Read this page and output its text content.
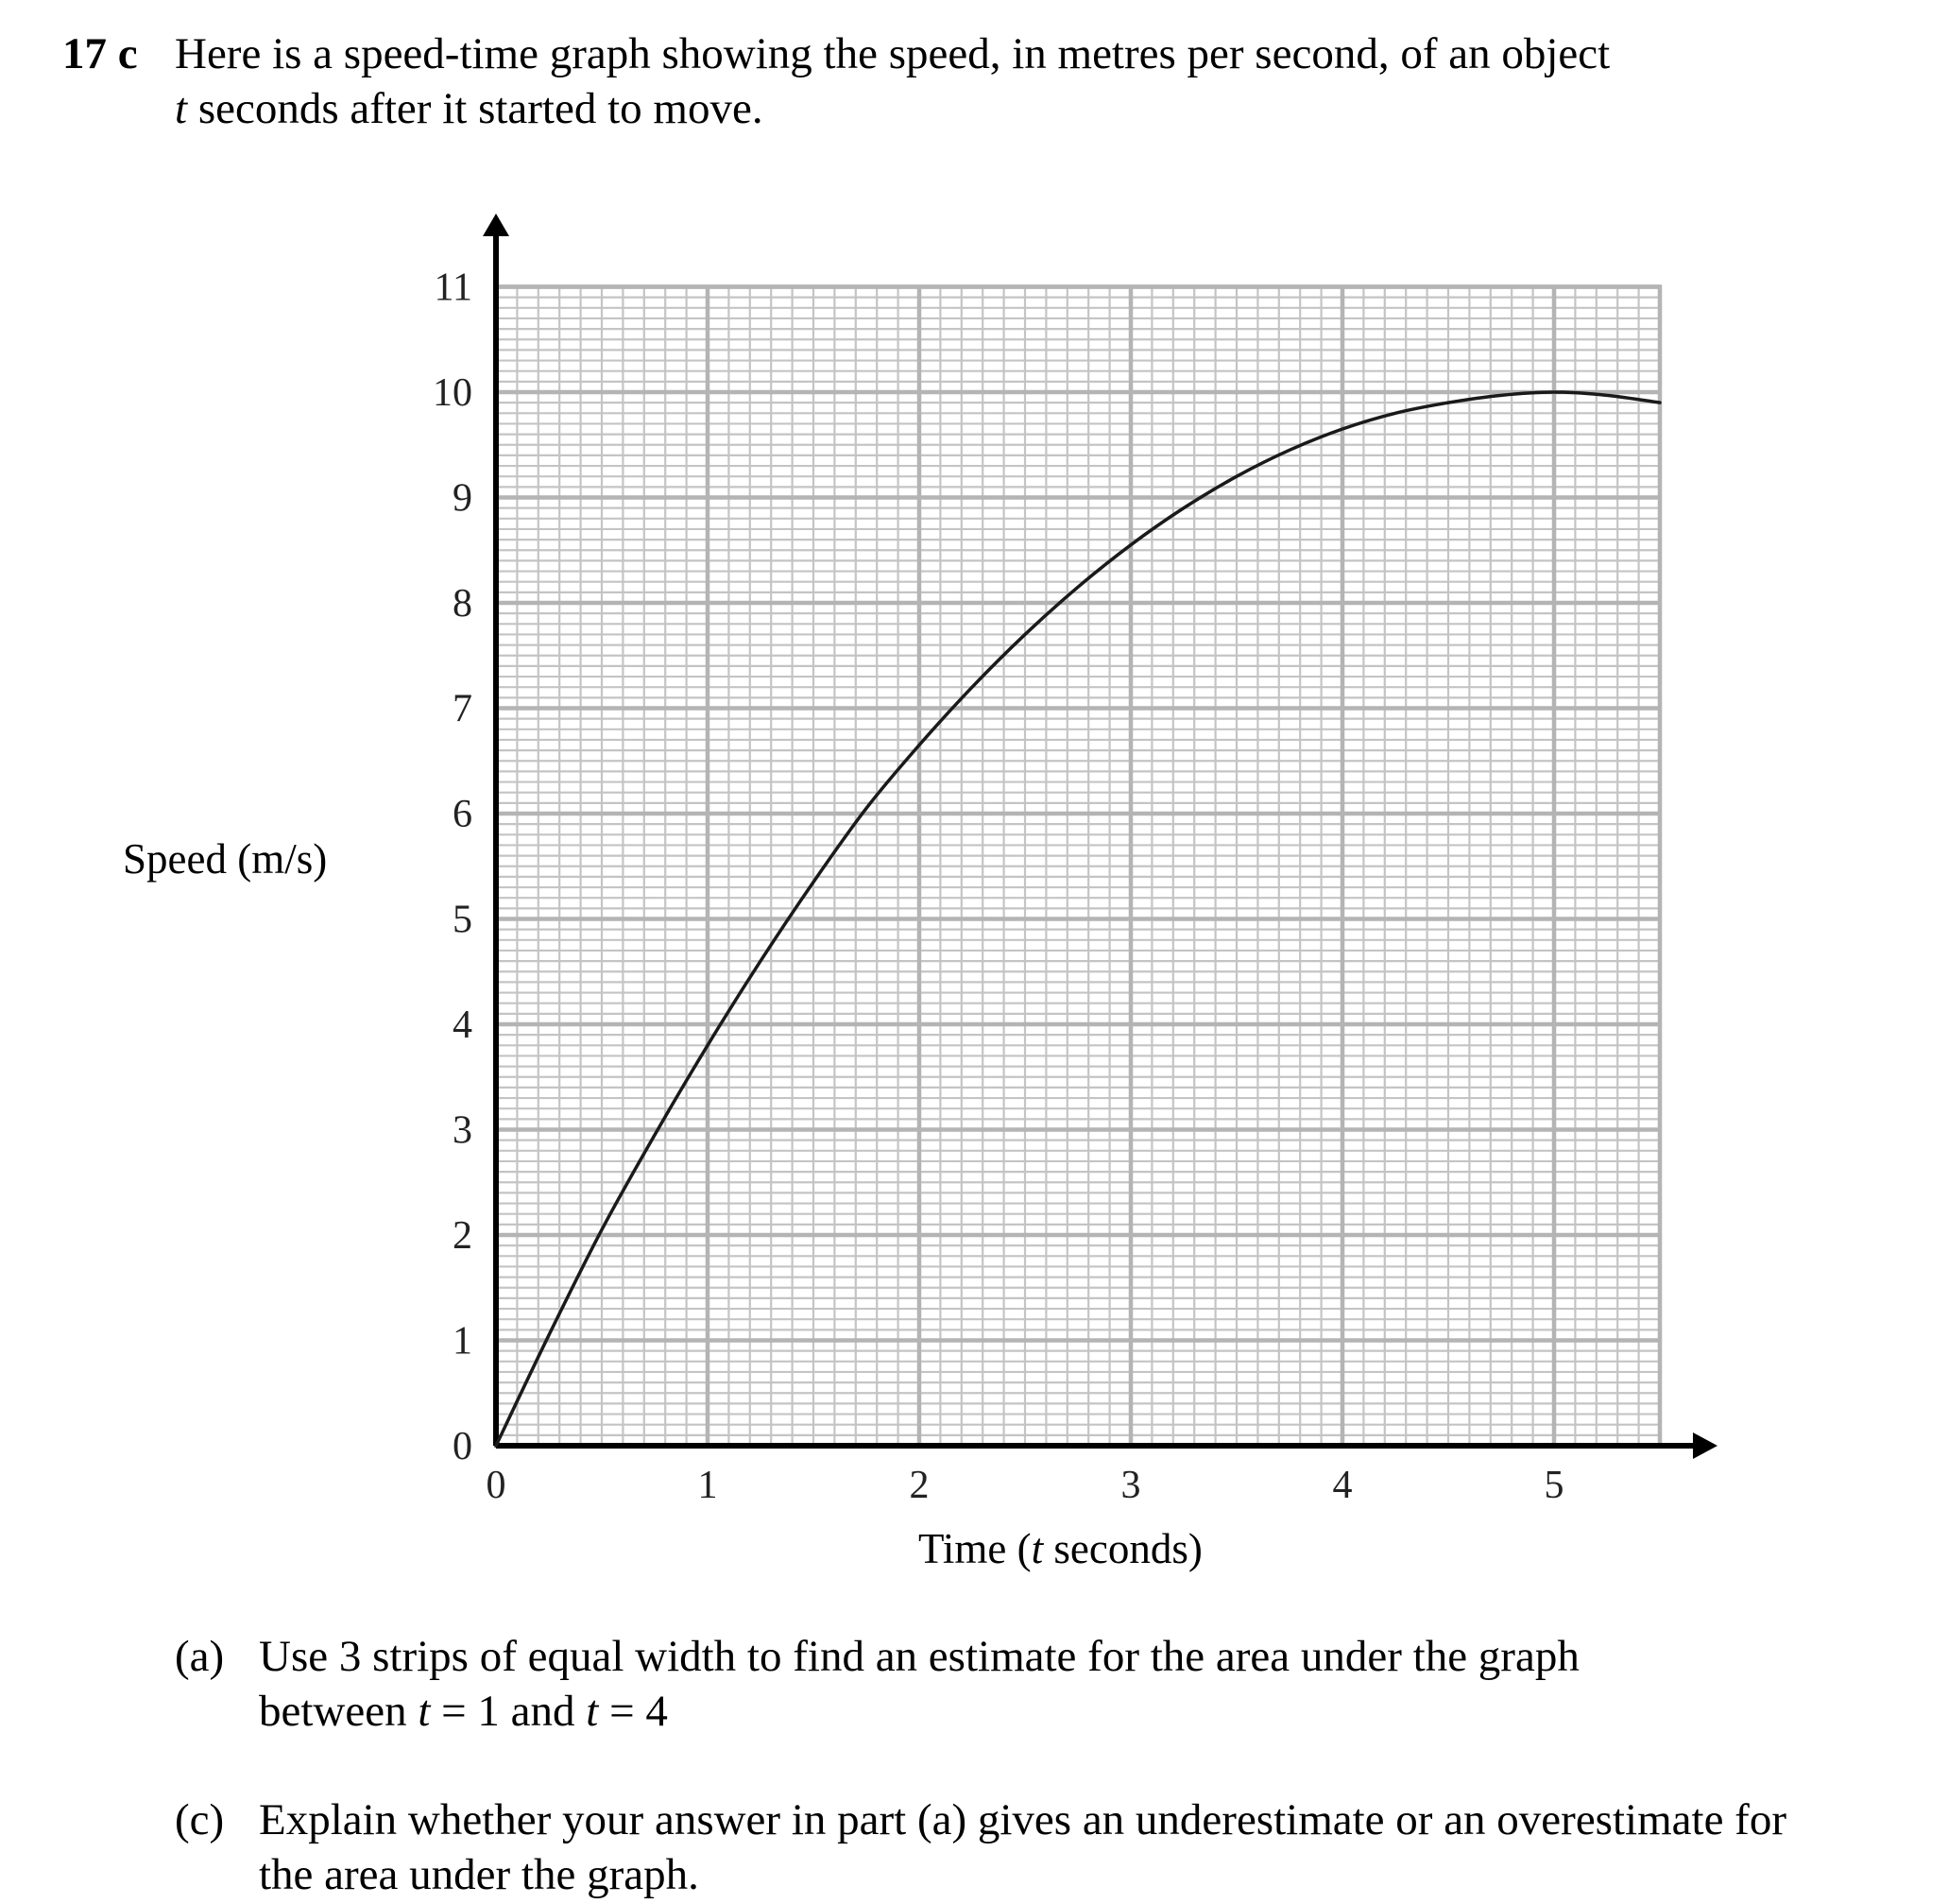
17 c Here is a speed-time graph showing the speed, in metres per second, of an object
t seconds after it started to move.
0	1	2	3	4	5
0
1
2
3
4
5
6
7
8
9
10
11
Speed (m/s)
Time (t seconds)
(a) Use 3 strips of equal width to find an estimate for the area under the graph
between t = 1 and t = 4
(c) Explain whether your answer in part (a) gives an underestimate or an overestimate for
the area under the graph.
